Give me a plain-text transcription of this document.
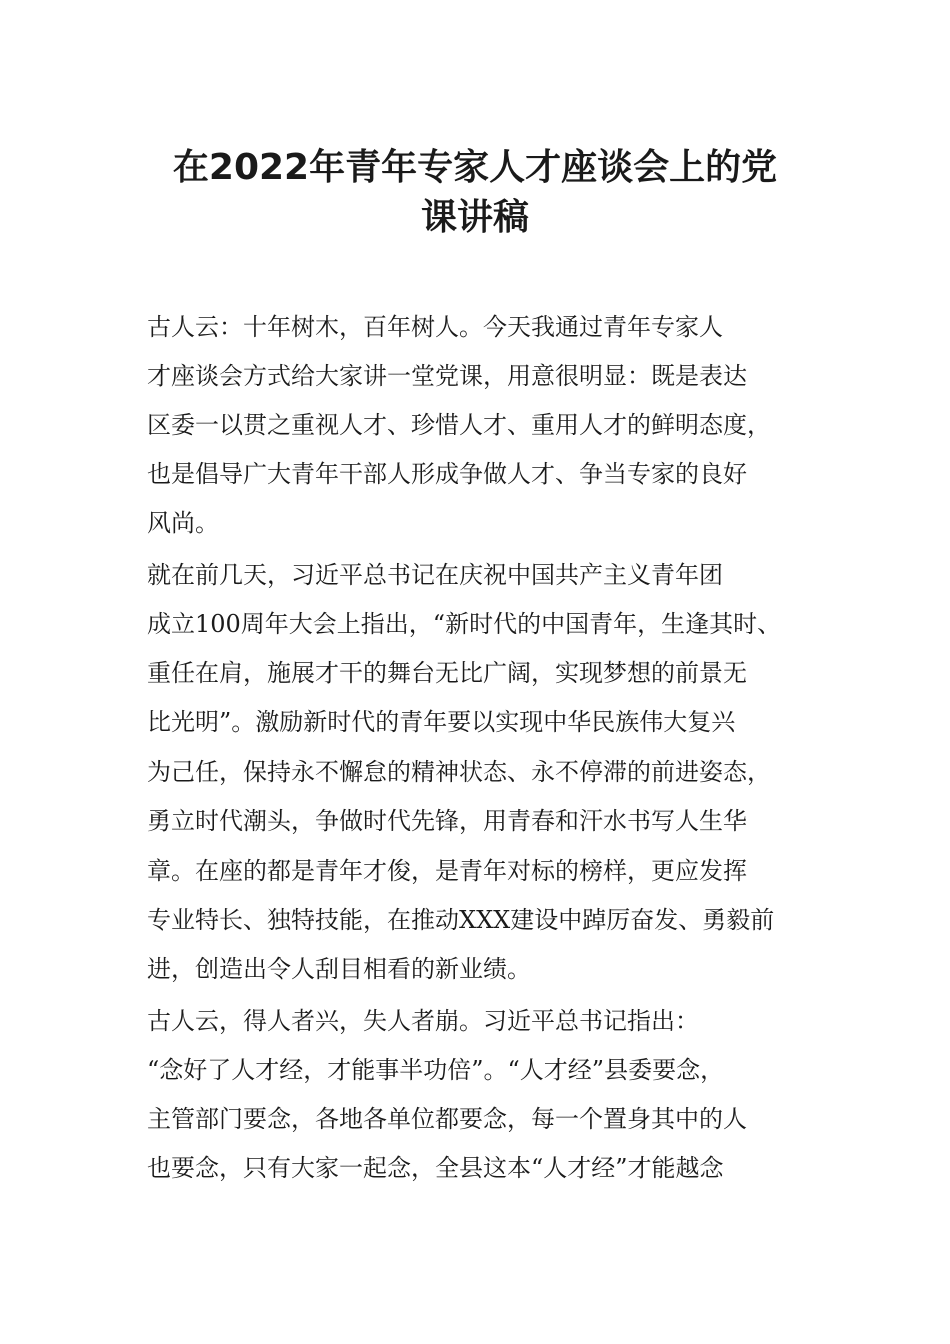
在2022年青年专家人才座谈会上的党
课讲稿

古人云：十年树木，百年树人。今天我通过青年专家人

才座谈会方式给大家讲一堂党课，用意很明显：既是表达

区委一以贯之重视人才、珍惜人才、重用人才的鲜明态度，

也是倡导广大青年干部人形成争做人才、争当专家的良好

风尚。

就在前几天，习近平总书记在庆祝中国共产主义青年团

成立100周年大会上指出，“新时代的中国青年，生逢其时、

重任在肩，施展才干的舞台无比广阔，实现梦想的前景无

比光明”。激励新时代的青年要以实现中华民族伟大复兴

为己任，保持永不懈怠的精神状态、永不停滞的前进姿态，

勇立时代潮头，争做时代先锋，用青春和汗水书写人生华

章。在座的都是青年才俊，是青年对标的榜样，更应发挥

专业特长、独特技能，在推动XXX建设中踔厉奋发、勇毅前

进，创造出令人刮目相看的新业绩。

古人云，得人者兴，失人者崩。习近平总书记指出：

“念好了人才经，才能事半功倍”。“人才经”县委要念，

主管部门要念，各地各单位都要念，每一个置身其中的人

也要念，只有大家一起念，全县这本“人才经”才能越念
